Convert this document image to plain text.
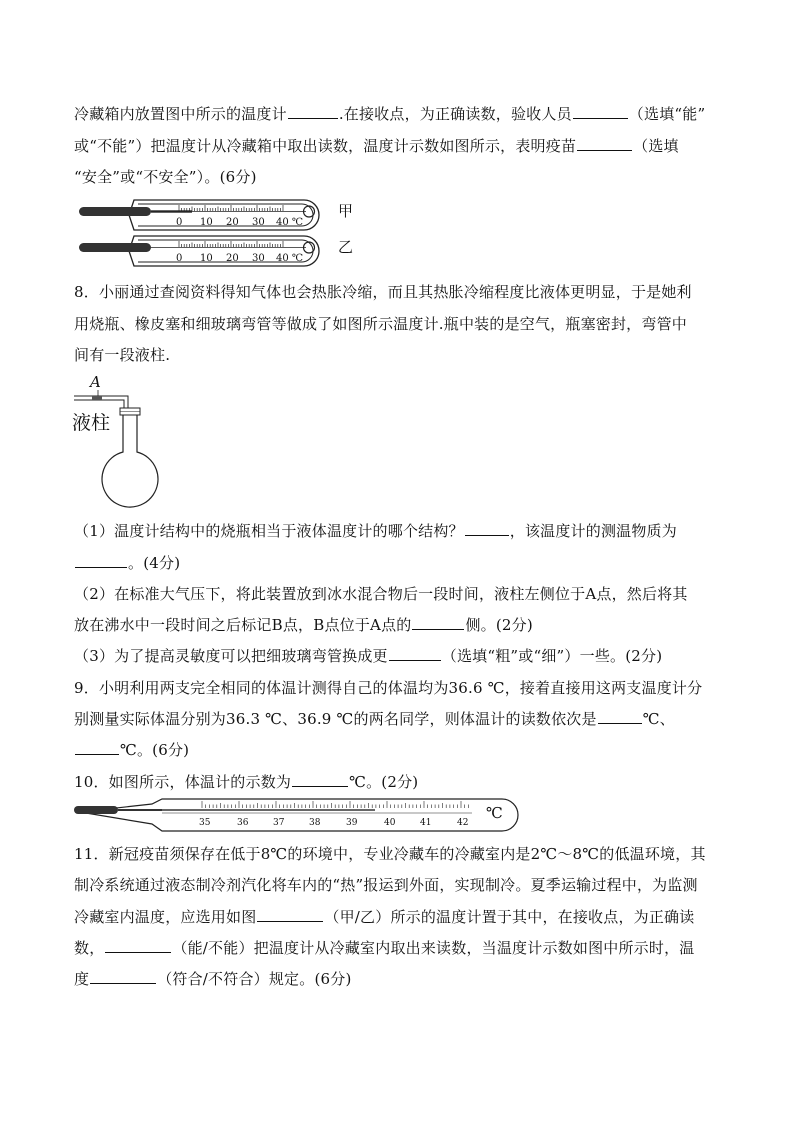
冷藏箱内放置图中所示的温度计	.在接收点，为正确读数，验收人员	（选填“能”
或“不能”）把温度计从冷藏箱中取出读数，温度计示数如图所示，表明疫苗	（选填
“安全”或“不安全”）。(6分)
0 10 20 30 40 ℃
甲
0 10 20 30 40 ℃
乙
8．小丽通过查阅资料得知气体也会热胀冷缩，而且其热胀冷缩程度比液体更明显，于是她利
用烧瓶、橡皮塞和细玻璃弯管等做成了如图所示温度计.瓶中装的是空气，瓶塞密封，弯管中
间有一段液柱.
A
液柱
（1）温度计结构中的烧瓶相当于液体温度计的哪个结构？	，该温度计的测温物质为
。(4分)
（2）在标准大气压下，将此装置放到冰水混合物后一段时间，液柱左侧位于A点，然后将其
放在沸水中一段时间之后标记B点，B点位于A点的	侧。(2分)
（3）为了提高灵敏度可以把细玻璃弯管换成更	（选填“粗”或“细”）一些。(2分)
9．小明利用两支完全相同的体温计测得自己的体温均为36.6 ℃，接着直接用这两支温度计分
别测量实际体温分别为36.3 ℃、36.9 ℃的两名同学，则体温计的读数依次是	℃、
℃。(6分)
10．如图所示，体温计的示数为	℃。(2分)
35	36	37	38	39	40	41	42
℃
11．新冠疫苗须保存在低于8℃的环境中，专业冷藏车的冷藏室内是2℃～8℃的低温环境，其
制冷系统通过液态制冷剂汽化将车内的“热”报运到外面，实现制冷。夏季运输过程中，为监测
冷藏室内温度，应选用如图	（甲/乙）所示的温度计置于其中，在接收点，为正确读
数，	（能/不能）把温度计从冷藏室内取出来读数，当温度计示数如图中所示时，温
度	（符合/不符合）规定。(6分)
